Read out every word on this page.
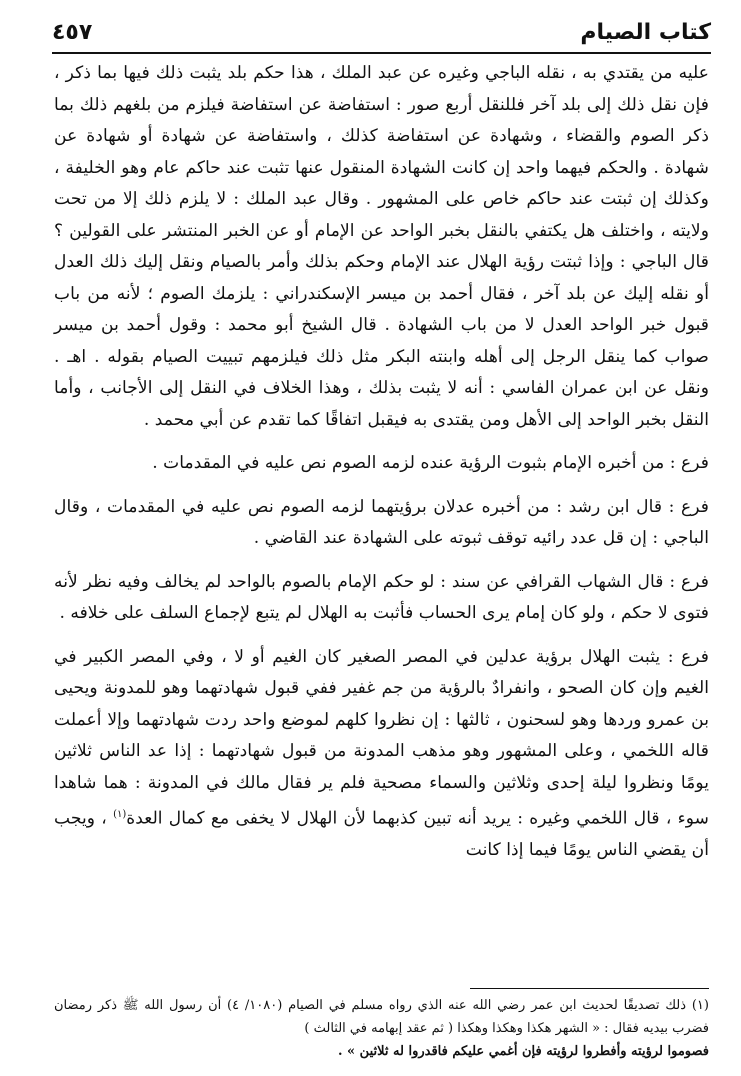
كتاب الصيام
٤٥٧

عليه من يقتدي به ، نقله الباجي وغيره عن عبد الملك ، هذا حكم بلد يثبت ذلك فيها بما ذكر ، فإن نقل ذلك إلى بلد آخر فللنقل أربع صور : استفاضة عن استفاضة فيلزم من بلغهم ذلك بما ذكر الصوم والقضاء ، وشهادة عن استفاضة كذلك ، واستفاضة عن شهادة أو شهادة عن شهادة . والحكم فيهما واحد إن كانت الشهادة المنقول عنها تثبت عند حاكم عام وهو الخليفة ، وكذلك إن ثبتت عند حاكم خاص على المشهور . وقال عبد الملك : لا يلزم ذلك إلا من تحت ولايته ، واختلف هل يكتفي بالنقل بخبر الواحد عن الإمام أو عن الخبر المنتشر على القولين ؟ قال الباجي : وإذا ثبتت رؤية الهلال عند الإمام وحكم بذلك وأمر بالصيام ونقل إليك ذلك العدل أو نقله إليك عن بلد آخر ، فقال أحمد بن ميسر الإسكندراني : يلزمك الصوم ؛ لأنه من باب قبول خبر الواحد العدل لا من باب الشهادة . قال الشيخ أبو محمد : وقول أحمد بن ميسر صواب كما ينقل الرجل إلى أهله وابنته البكر مثل ذلك فيلزمهم تبييت الصيام بقوله . اهـ . ونقل عن ابن عمران الفاسي : أنه لا يثبت بذلك ، وهذا الخلاف في النقل إلى الأجانب ، وأما النقل بخبر الواحد إلى الأهل ومن يقتدى به فيقبل اتفاقًا كما تقدم عن أبي محمد .

فرع : من أخبره الإمام بثبوت الرؤية عنده لزمه الصوم نص عليه في المقدمات .

فرع : قال ابن رشد : من أخبره عدلان برؤيتهما لزمه الصوم نص عليه في المقدمات ، وقال الباجي : إن قل عدد رائيه توقف ثبوته على الشهادة عند القاضي .

فرع : قال الشهاب القرافي عن سند : لو حكم الإمام بالصوم بالواحد لم يخالف وفيه نظر لأنه فتوى لا حكم ، ولو كان إمام يرى الحساب فأثبت به الهلال لم يتبع لإجماع السلف على خلافه .

فرع : يثبت الهلال برؤية عدلين في المصر الصغير كان الغيم أو لا ، وفي المصر الكبير في الغيم وإن كان الصحو ، وانفرادٌ بالرؤية من جم غفير ففي قبول شهادتهما وهو للمدونة ويحيى بن عمرو وردها وهو لسحنون ، ثالثها : إن نظروا كلهم لموضع واحد ردت شهادتهما وإلا أعملت قاله اللخمي ، وعلى المشهور وهو مذهب المدونة من قبول شهادتهما : إذا عد الناس ثلاثين يومًا ونظروا ليلة إحدى وثلاثين والسماء مصحية فلم ير فقال مالك في المدونة : هما شاهدا سوء ، قال اللخمي وغيره : يريد أنه تبين كذبهما لأن الهلال لا يخفى مع كمال العدة$^{(١)}$ ، ويجب أن يقضي الناس يومًا فيما إذا كانت

(١) ذلك تصديقًا لحديث ابن عمر رضي الله عنه الذي رواه مسلم في الصيام (١٠٨٠/ ٤) أن رسول الله ﷺ ذكر رمضان فضرب بيديه فقال : « الشهر هكذا وهكذا وهكذا ( ثم عقد إبهامه في الثالث )

فصوموا لرؤيته وأفطروا لرؤيته فإن أغمي عليكم فاقدروا له ثلاثين » .
